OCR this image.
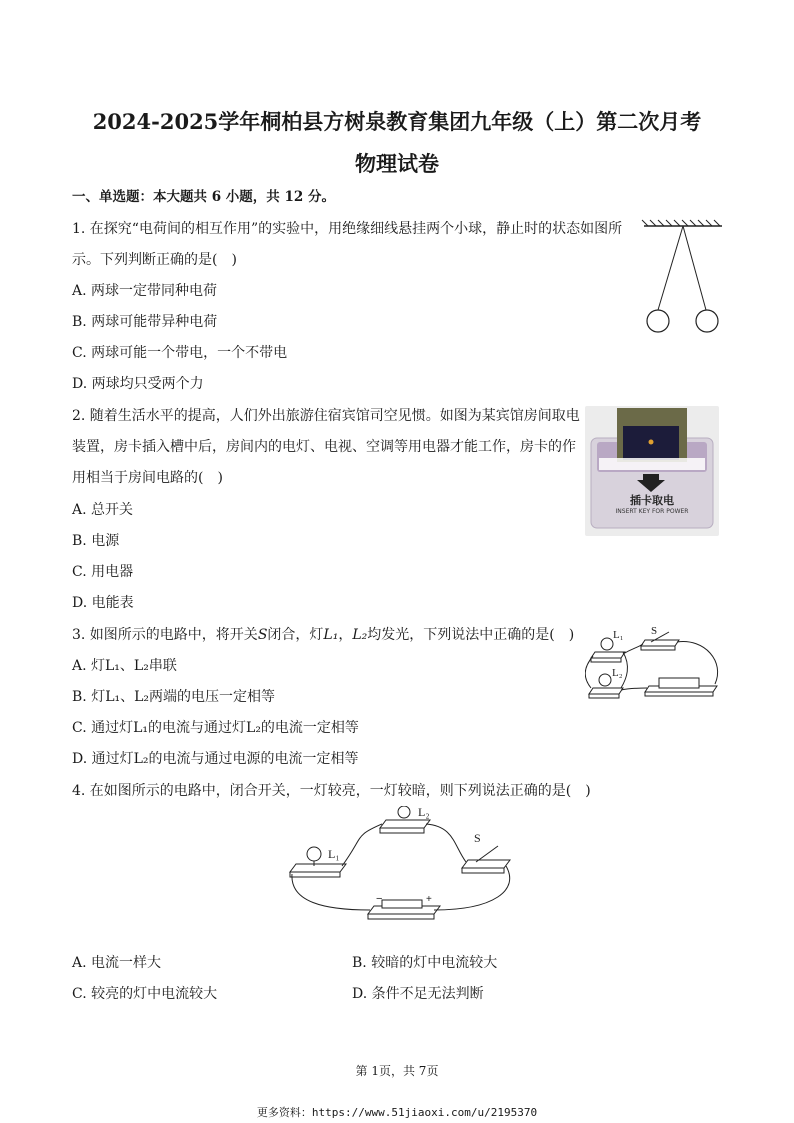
2024-2025学年桐柏县方树泉教育集团九年级（上）第二次月考
物理试卷
一、单选题：本大题共 6 小题，共 12 分。
1. 在探究“电荷间的相互作用”的实验中，用绝缘细线悬挂两个小球，静止时的状态如图所
示。下列判断正确的是(　)
A. 两球一定带同种电荷
B. 两球可能带异种电荷
C. 两球可能一个带电，一个不带电
D. 两球均只受两个力
2. 随着生活水平的提高，人们外出旅游住宿宾馆司空见惯。如图为某宾馆房间取电
装置，房卡插入槽中后，房间内的电灯、电视、空调等用电器才能工作，房卡的作
用相当于房间电路的(　)
A. 总开关
B. 电源
C. 用电器
D. 电能表
插卡取电
INSERT KEY FOR POWER
3. 如图所示的电路中，将开关S闭合，灯L₁，L₂均发光，下列说法中正确的是(　)
A. 灯L₁、L₂串联
B. 灯L₁、L₂两端的电压一定相等
C. 通过灯L₁的电流与通过灯L₂的电流一定相等
D. 通过灯L₂的电流与通过电源的电流一定相等
L₁
L₂
S
4. 在如图所示的电路中，闭合开关，一灯较亮，一灯较暗，则下列说法正确的是(　)
L₁
L₂
S
−	+
A. 电流一样大	B. 较暗的灯中电流较大
C. 较亮的灯中电流较大	D. 条件不足无法判断
第 1页，共 7页
更多资料：https://www.51jiaoxi.com/u/2195370
